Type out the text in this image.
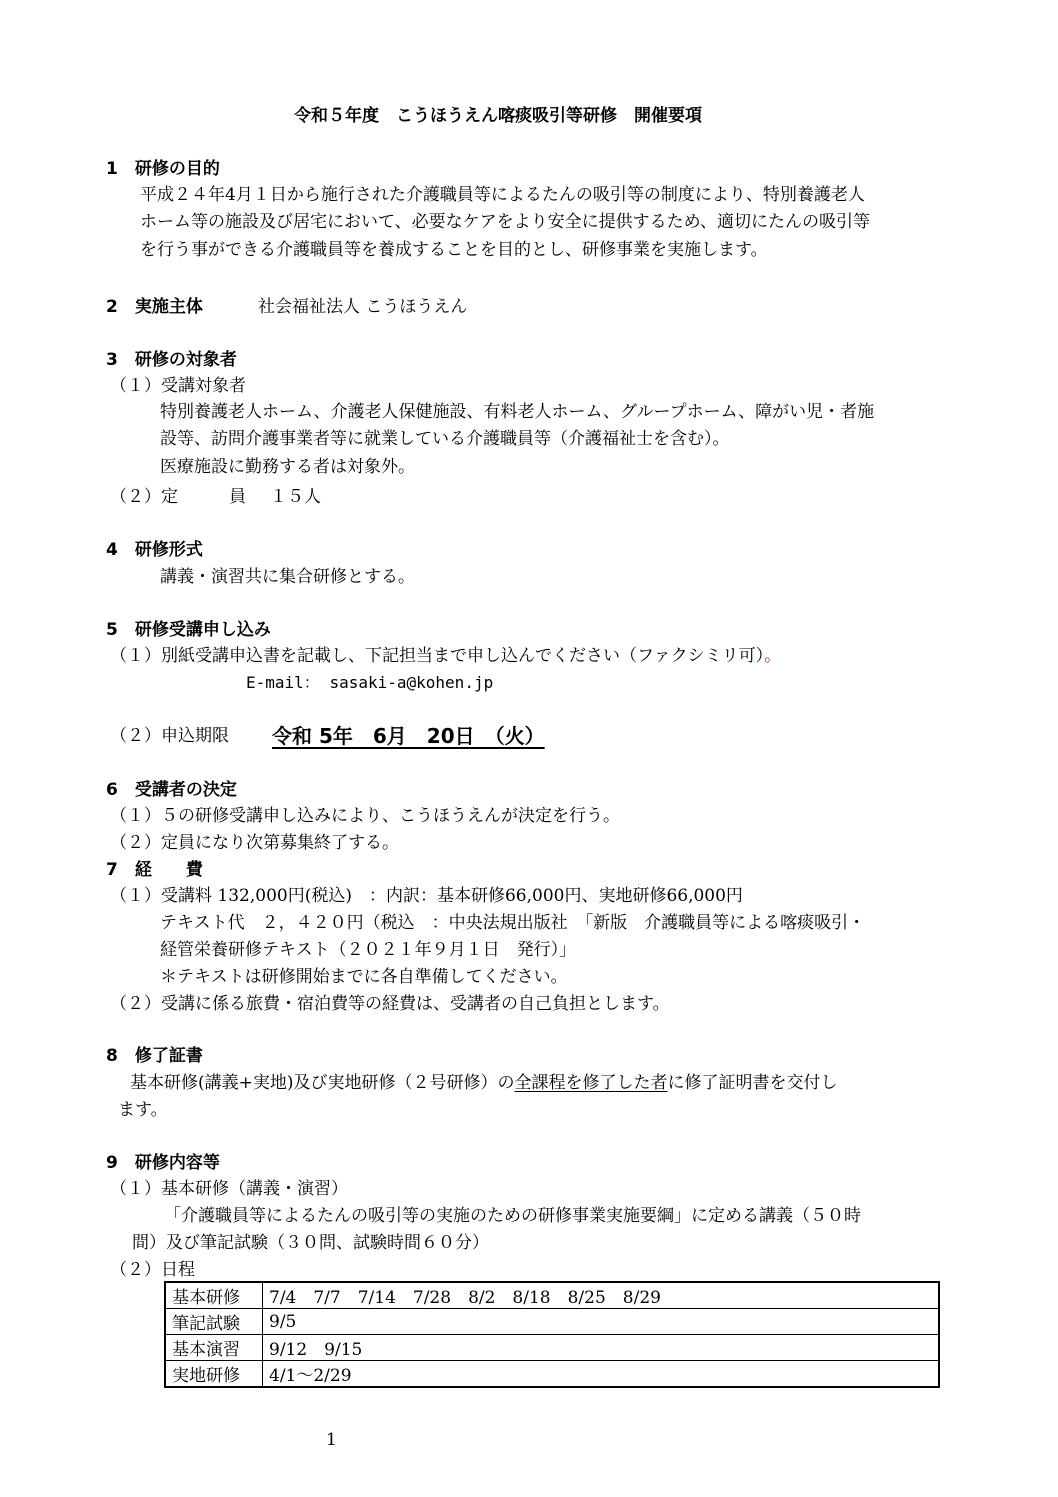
令和５年度　こうほうえん喀痰吸引等研修　開催要項
1　研修の目的
平成２４年4月１日から施行された介護職員等によるたんの吸引等の制度により、特別養護老人
ホーム等の施設及び居宅において、必要なケアをより安全に提供するため、適切にたんの吸引等
を行う事ができる介護職員等を養成することを目的とし、研修事業を実施します。
2　実施主体	社会福祉法人 こうほうえん
3　研修の対象者
（１）受講対象者
特別養護老人ホーム、介護老人保健施設、有料老人ホーム、グループホーム、障がい児・者施
設等、訪問介護事業者等に就業している介護職員等（介護福祉士を含む）。
医療施設に勤務する者は対象外。
（２）定　　　員 １５人
4　研修形式
講義・演習共に集合研修とする。
5　研修受講申し込み
（１）別紙受講申込書を記載し、下記担当まで申し込んでください（ファクシミリ可）。
E-mail： sasaki-a@kohen.jp
（２）申込期限 令和 5年　6月　20日　（火）
6　受講者の決定
（１）５の研修受講申し込みにより、こうほうえんが決定を行う。
（２）定員になり次第募集終了する。
7　経　　費
（１）受講料 132,000円(税込)　：内訳：基本研修66,000円、実地研修66,000円
テキスト代　２，４２０円（税込　：中央法規出版社　「新版　介護職員等による喀痰吸引・
経管栄養研修テキスト（２０２１年９月１日　発行）」
＊テキストは研修開始までに各自準備してください。
（２）受講に係る旅費・宿泊費等の経費は、受講者の自己負担とします。
8　修了証書
基本研修(講義+実地)及び実地研修（２号研修）の全課程を修了した者に修了証明書を交付し
ます。
9　研修内容等
（１）基本研修（講義・演習）
「介護職員等によるたんの吸引等の実施のための研修事業実施要綱」に定める講義（５０時
間）及び筆記試験（３０問、試験時間６０分）
（２）日程
基本研修	7/4　7/7　7/14　7/28　8/2　8/18　8/25　8/29
筆記試験	9/5
基本演習	9/12　9/15
実地研修	4/1～2/29
1
